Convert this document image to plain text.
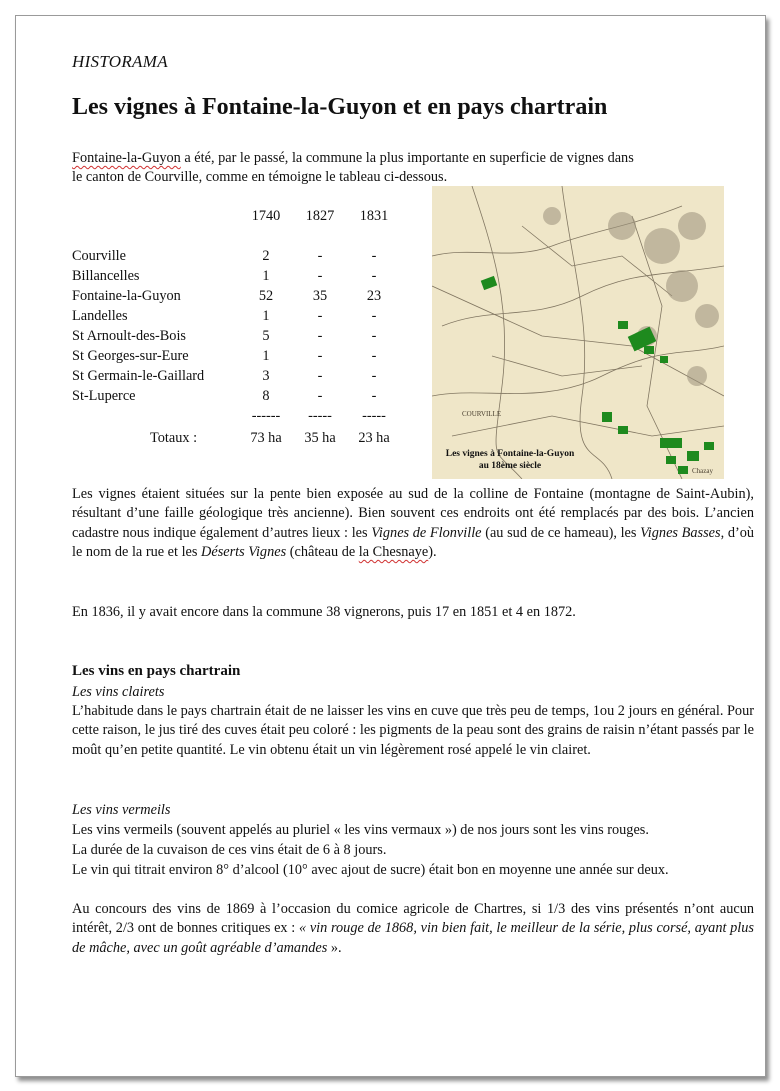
HISTORAMA
Les vignes à Fontaine-la-Guyon et en pays chartrain

Fontaine-la-Guyon a été, par le passé, la commune la plus importante en superficie de vignes dans
le canton de Courville, comme en témoigne le tableau ci-dessous.

1740	1827	1831
Courville	2	-	-
Billancelles	1	-	-
Fontaine-la-Guyon	52	35	23
Landelles	1	-	-
St Arnoult-des-Bois	5	-	-
St Georges-sur-Eure	1	-	-
St Germain-le-Gaillard	3	-	-
St-Luperce	8	-	-
------	-----	-----
Totaux :	73 ha	35 ha	23 ha
COURVILLE
Chazay
Les vignes à Fontaine-la-Guyon
au 18ème siècle

Les vignes étaient situées sur la pente bien exposée au sud de la colline de Fontaine (montagne de Saint-Aubin), résultant d’une faille géologique très ancienne). Bien souvent ces endroits ont été remplacés par des bois. L’ancien cadastre nous indique également d’autres lieux : les Vignes de Flonville (au sud de ce hameau), les Vignes Basses, d’où le nom de la rue et les Déserts Vignes (château de la Chesnaye).

En 1836, il y avait encore dans la commune 38 vignerons, puis 17 en 1851 et 4 en 1872.

Les vins en pays chartrain

Les vins clairets

L’habitude dans le pays chartrain était de ne laisser les vins en cuve que très peu de temps, 1ou 2 jours en général. Pour cette raison, le jus tiré des cuves était peu coloré : les pigments de la peau sont des grains de raisin n’étant passés par le moût qu’en petite quantité. Le vin obtenu était un vin légèrement rosé appelé le vin clairet.

Les vins vermeils

Les vins vermeils (souvent appelés au pluriel « les vins vermaux ») de nos jours sont les vins rouges.

La durée de la cuvaison de ces vins était de 6 à 8 jours.

Le vin qui titrait environ 8° d’alcool (10° avec ajout de sucre) était bon en moyenne une année sur deux.

Au concours des vins de 1869 à l’occasion du comice agricole de Chartres, si 1/3 des vins présentés n’ont aucun intérêt, 2/3 ont de bonnes critiques ex : « vin rouge de 1868, vin bien fait, le meilleur de la série, plus corsé, ayant plus de mâche, avec un goût agréable d’amandes ».
